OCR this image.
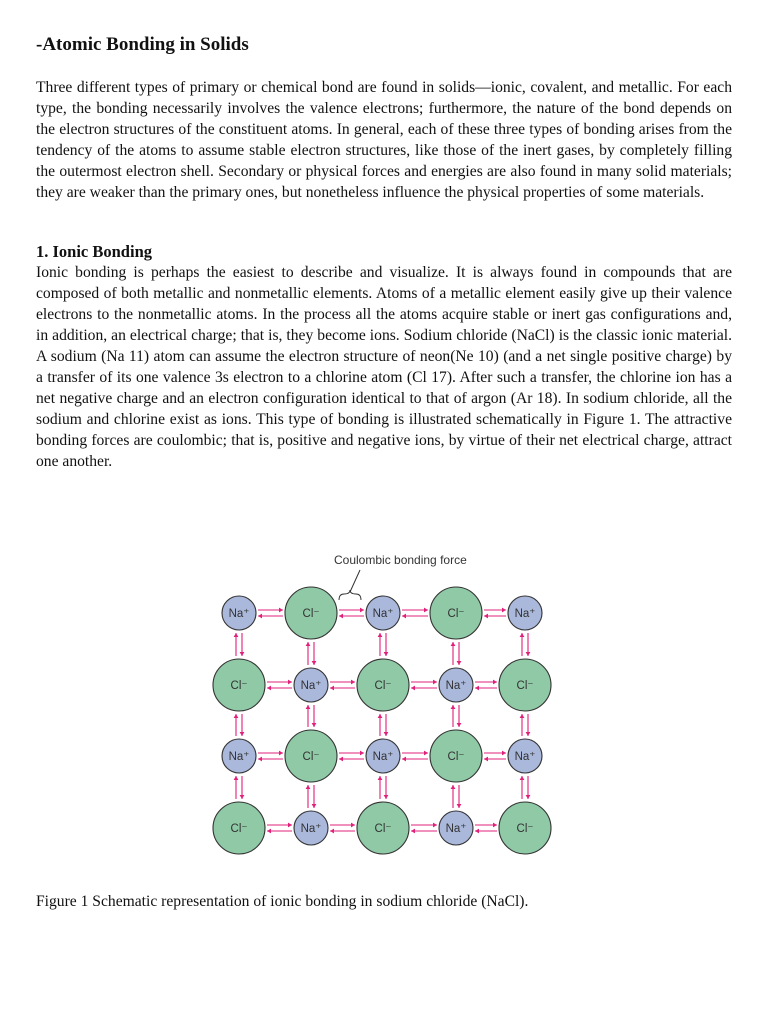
-Atomic Bonding in Solids

Three different types of primary or chemical bond are found in solids—ionic, covalent, and metallic. For each type, the bonding necessarily involves the valence electrons; furthermore, the nature of the bond depends on the electron structures of the constituent atoms. In general, each of these three types of bonding arises from the tendency of the atoms to assume stable electron structures, like those of the inert gases, by completely filling the outermost electron shell. Secondary or physical forces and energies are also found in many solid materials; they are weaker than the primary ones, but nonetheless influence the physical properties of some materials.

1. Ionic Bonding

Ionic bonding is perhaps the easiest to describe and visualize. It is always found in compounds that are composed of both metallic and nonmetallic elements. Atoms of a metallic element easily give up their valence electrons to the nonmetallic atoms. In the process all the atoms acquire stable or inert gas configurations and, in addition, an electrical charge; that is, they become ions. Sodium chloride (NaCl) is the classic ionic material. A sodium (Na 11) atom can assume the electron structure of neon(Ne 10) (and a net single positive charge) by a transfer of its one valence 3s electron to a chlorine atom (Cl 17). After such a transfer, the chlorine ion has a net negative charge and an electron configuration identical to that of argon (Ar 18). In sodium chloride, all the sodium and chlorine exist as ions. This type of bonding is illustrated schematically in Figure 1. The attractive bonding forces are coulombic; that is, positive and negative ions, by virtue of their net electrical charge, attract one another.

Na⁺	Cl⁻	Na⁺	Cl⁻	Na⁺
Cl⁻	Na⁺	Cl⁻	Na⁺	Cl⁻
Na⁺	Cl⁻	Na⁺	Cl⁻	Na⁺
Cl⁻	Na⁺	Cl⁻	Na⁺	Cl⁻
Coulombic bonding force

Figure 1 Schematic representation of ionic bonding in sodium chloride (NaCl).
